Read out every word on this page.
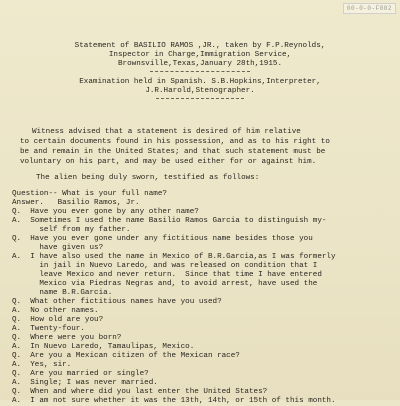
00-0-0-F002
Statement of BASILIO RAMOS ,JR., taken by F.P.Reynolds,
Inspector in Charge,Immigration Service,
Brownsville,Texas,January 28th,1915.
Examination held in Spanish. S.B.Hopkins,Interpreter,
J.R.Harold,Stenographer.
Witness advised that a statement is desired of him relative
to certain documents found in his possession, and as to his right to
be and remain in the United States; and that such statement must be
voluntary on his part, and may be used either for or against him.
The alien being duly sworn, testified as follows:
Question-- What is your full name?
Answer.   Basilio Ramos, Jr.
Q.  Have you ever gone by any other name?
A.  Sometimes I used the name Basilio Ramos Garcia to distinguish my-
self from my father.
Q.  Have you ever gone under any fictitious name besides those you
have given us?
A.  I have also used the name in Mexico of B.R.Garcia,as I was formerly
in jail in Nuevo Laredo, and was released on condition that I
leave Mexico and never return.  Since that time I have entered
Mexico via Piedras Negras and, to avoid arrest, have used the
name B.R.Garcia.
Q.  What other fictitious names have you used?
A.  No other names.
Q.  How old are you?
A.  Twenty-four.
Q.  Where were you born?
A.  In Nuevo Laredo, Tamaulipas, Mexico.
Q.  Are you a Mexican citizen of the Mexican race?
A.  Yes, sir.
Q.  Are you married or single?
A.  Single; I was never married.
Q.  When and where did you last enter the United States?
A.  I am not sure whether it was the 13th, 14th, or 15th of this month.
